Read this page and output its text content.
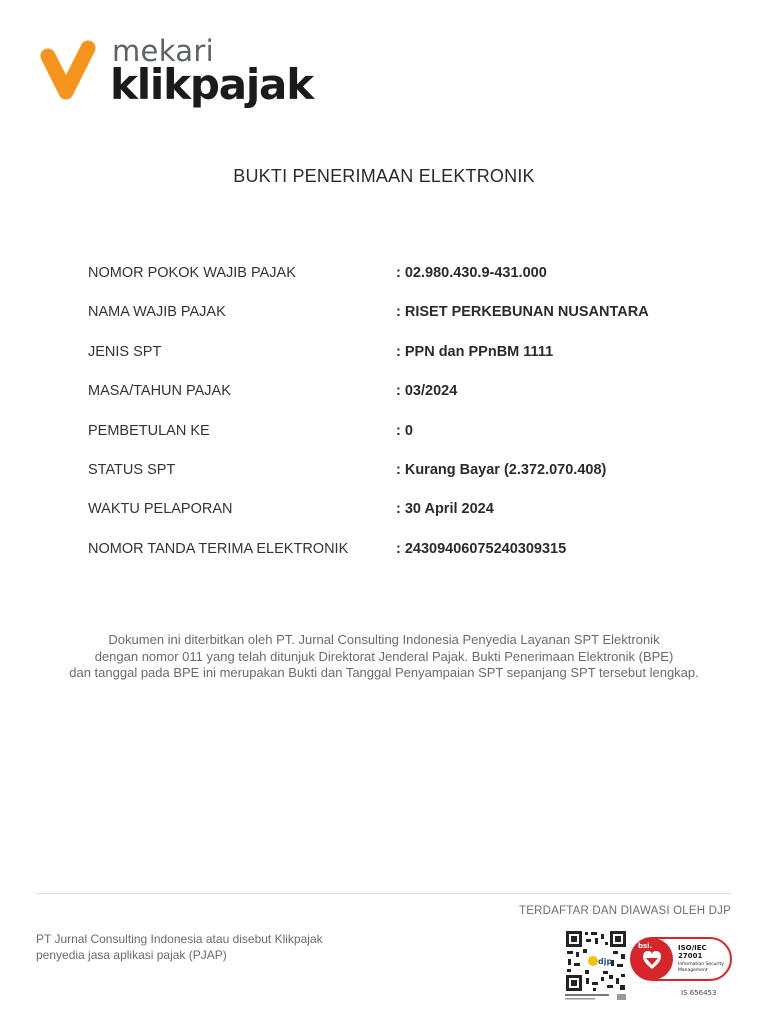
mekari
klikpajak
BUKTI PENERIMAAN ELEKTRONIK
NOMOR POKOK WAJIB PAJAK	: 02.980.430.9-431.000
NAMA WAJIB PAJAK	: RISET PERKEBUNAN NUSANTARA
JENIS SPT	: PPN dan PPnBM 1111
MASA/TAHUN PAJAK	: 03/2024
PEMBETULAN KE	: 0
STATUS SPT	: Kurang Bayar (2.372.070.408)
WAKTU PELAPORAN	: 30 April 2024
NOMOR TANDA TERIMA ELEKTRONIK	: 24309406075240309315
Dokumen ini diterbitkan oleh PT. Jurnal Consulting Indonesia Penyedia Layanan SPT Elektronik
dengan nomor 011 yang telah ditunjuk Direktorat Jenderal Pajak. Bukti Penerimaan Elektronik (BPE)
dan tanggal pada BPE ini merupakan Bukti dan Tanggal Penyampaian SPT sepanjang SPT tersebut lengkap.
TERDAFTAR DAN DIAWASI OLEH DJP
PT Jurnal Consulting Indonesia atau disebut Klikpajak
penyedia jasa aplikasi pajak (PJAP)	djp
bsi.	ISO/IEC
27001
Information Security
Management
IS 656453
